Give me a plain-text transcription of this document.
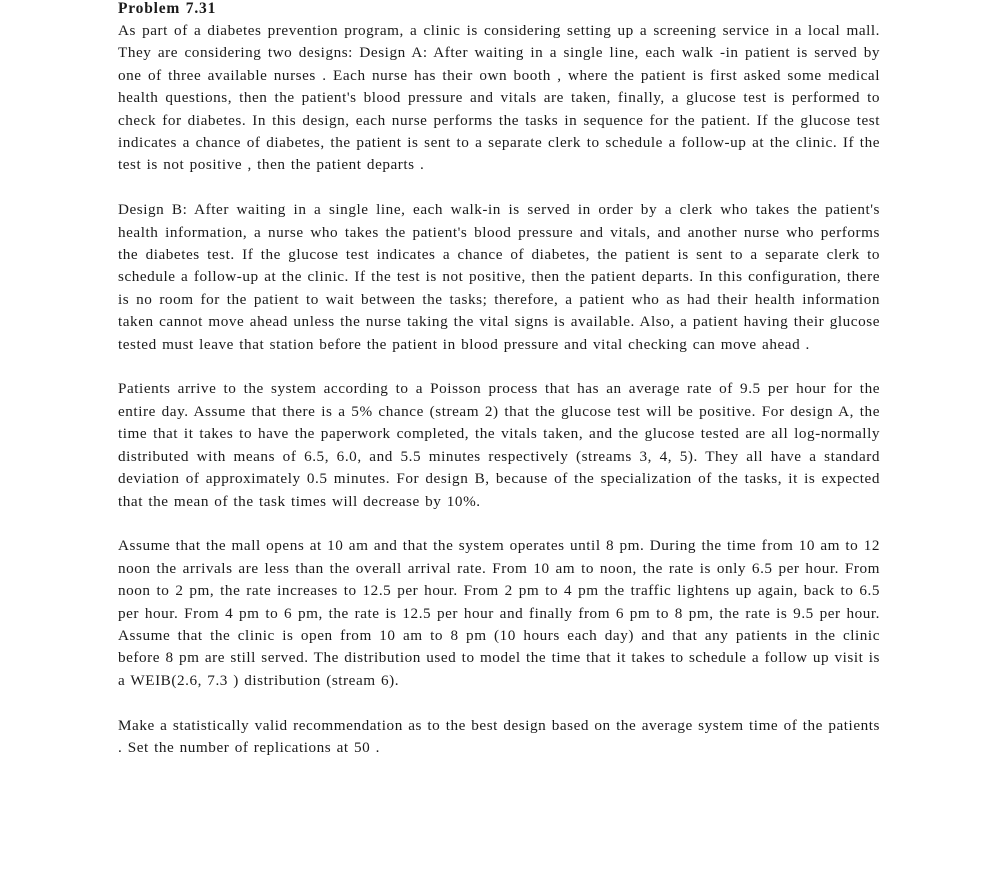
Problem 7.31

As part of a diabetes prevention program, a clinic is considering setting up a screening service in a local mall. They are considering two designs: Design A: After waiting in a single line, each walk -in patient is served by one of three available nurses . Each nurse has their own booth , where the patient is first asked some medical health questions, then the patient's blood pressure and vitals are taken, finally, a glucose test is performed to check for diabetes. In this design, each nurse performs the tasks in sequence for the patient. If the glucose test indicates a chance of diabetes, the patient is sent to a separate clerk to schedule a follow-up at the clinic. If the test is not positive , then the patient departs .

Design B: After waiting in a single line, each walk-in is served in order by a clerk who takes the patient's health information, a nurse who takes the patient's blood pressure and vitals, and another nurse who performs the diabetes test. If the glucose test indicates a chance of diabetes, the patient is sent to a separate clerk to schedule a follow-up at the clinic. If the test is not positive, then the patient departs. In this configuration, there is no room for the patient to wait between the tasks; therefore, a patient who as had their health information taken cannot move ahead unless the nurse taking the vital signs is available. Also, a patient having their glucose tested must leave that station before the patient in blood pressure and vital checking can move ahead .

Patients arrive to the system according to a Poisson process that has an average rate of 9.5 per hour for the entire day. Assume that there is a 5% chance (stream 2) that the glucose test will be positive. For design A, the time that it takes to have the paperwork completed, the vitals taken, and the glucose tested are all log-normally distributed with means of 6.5, 6.0, and 5.5 minutes respectively (streams 3, 4, 5). They all have a standard deviation of approximately 0.5 minutes. For design B, because of the specialization of the tasks, it is expected that the mean of the task times will decrease by 10%.

Assume that the mall opens at 10 am and that the system operates until 8 pm. During the time from 10 am to 12 noon the arrivals are less than the overall arrival rate. From 10 am to noon, the rate is only 6.5 per hour. From noon to 2 pm, the rate increases to 12.5 per hour. From 2 pm to 4 pm the traffic lightens up again, back to 6.5 per hour. From 4 pm to 6 pm, the rate is 12.5 per hour and finally from 6 pm to 8 pm, the rate is 9.5 per hour. Assume that the clinic is open from 10 am to 8 pm (10 hours each day) and that any patients in the clinic before 8 pm are still served. The distribution used to model the time that it takes to schedule a follow up visit is a WEIB(2.6, 7.3 ) distribution (stream 6).

Make a statistically valid recommendation as to the best design based on the average system time of the patients . Set the number of replications at 50 .
